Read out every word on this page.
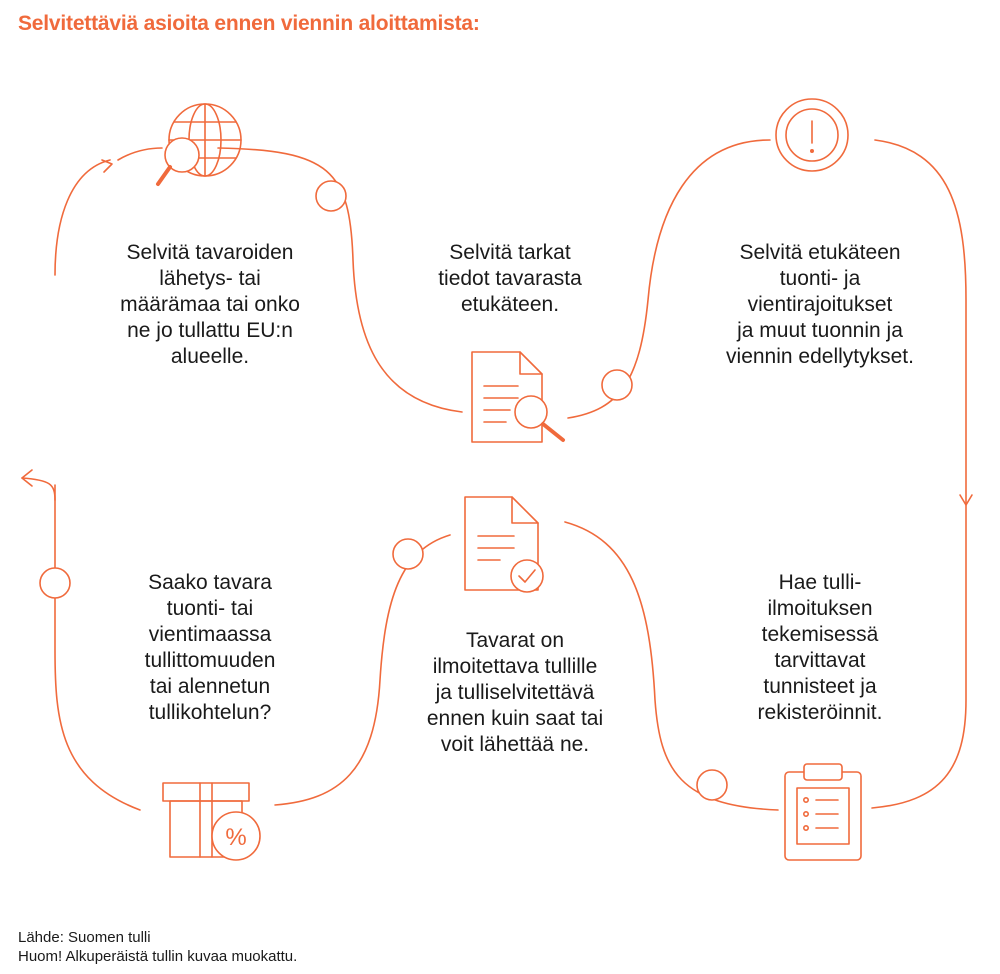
Selvitettäviä asioita ennen viennin aloittamista:
%
Selvitä tavaroiden
lähetys- tai
määrämaa tai onko
ne jo tullattu EU:n
alueelle.
Selvitä tarkat
tiedot tavarasta
etukäteen.
Selvitä etukäteen
tuonti- ja
vientirajoitukset
ja muut tuonnin ja
viennin edellytykset.
Hae tulli-
ilmoituksen
tekemisessä
tarvittavat
tunnisteet ja
rekisteröinnit.
Tavarat on
ilmoitettava tullille
ja tulliselvitettävä
ennen kuin saat tai
voit lähettää ne.
Saako tavara
tuonti- tai
vientimaassa
tullittomuuden
tai alennetun
tullikohtelun?
Lähde: Suomen tulli
Huom! Alkuperäistä tullin kuvaa muokattu.
